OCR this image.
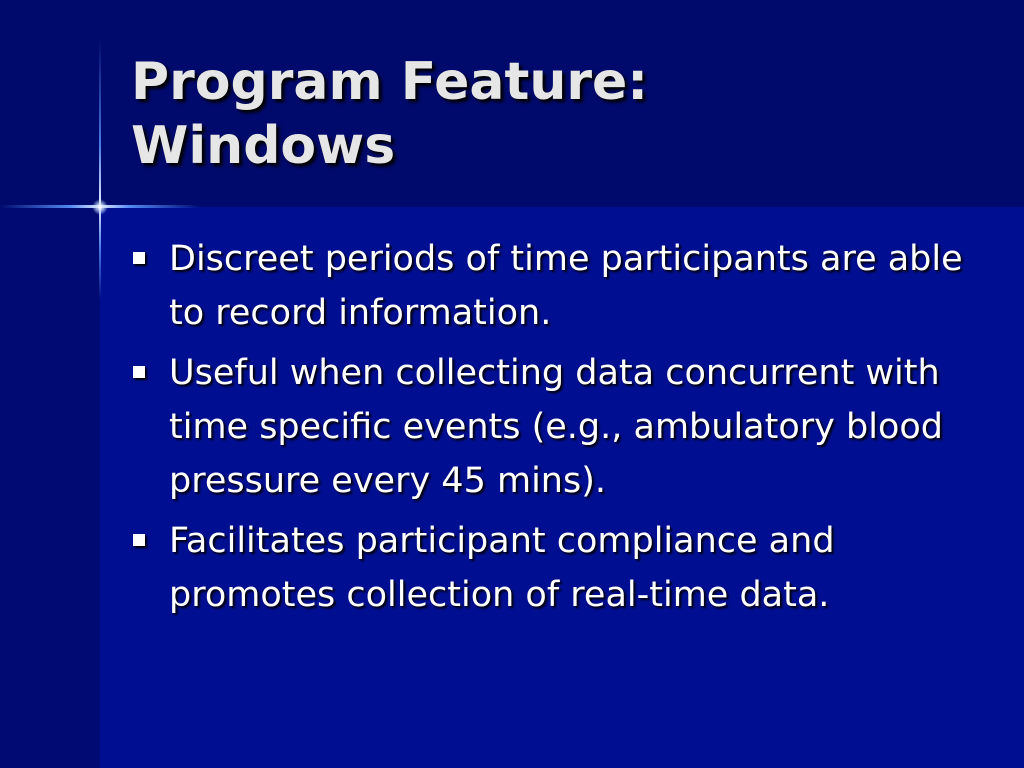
Program Feature:
Windows
Discreet periods of time participants are able to record information.
Useful when collecting data concurrent with time specific events (e.g., ambulatory blood pressure every 45 mins).
Facilitates participant compliance and promotes collection of real-time data.
